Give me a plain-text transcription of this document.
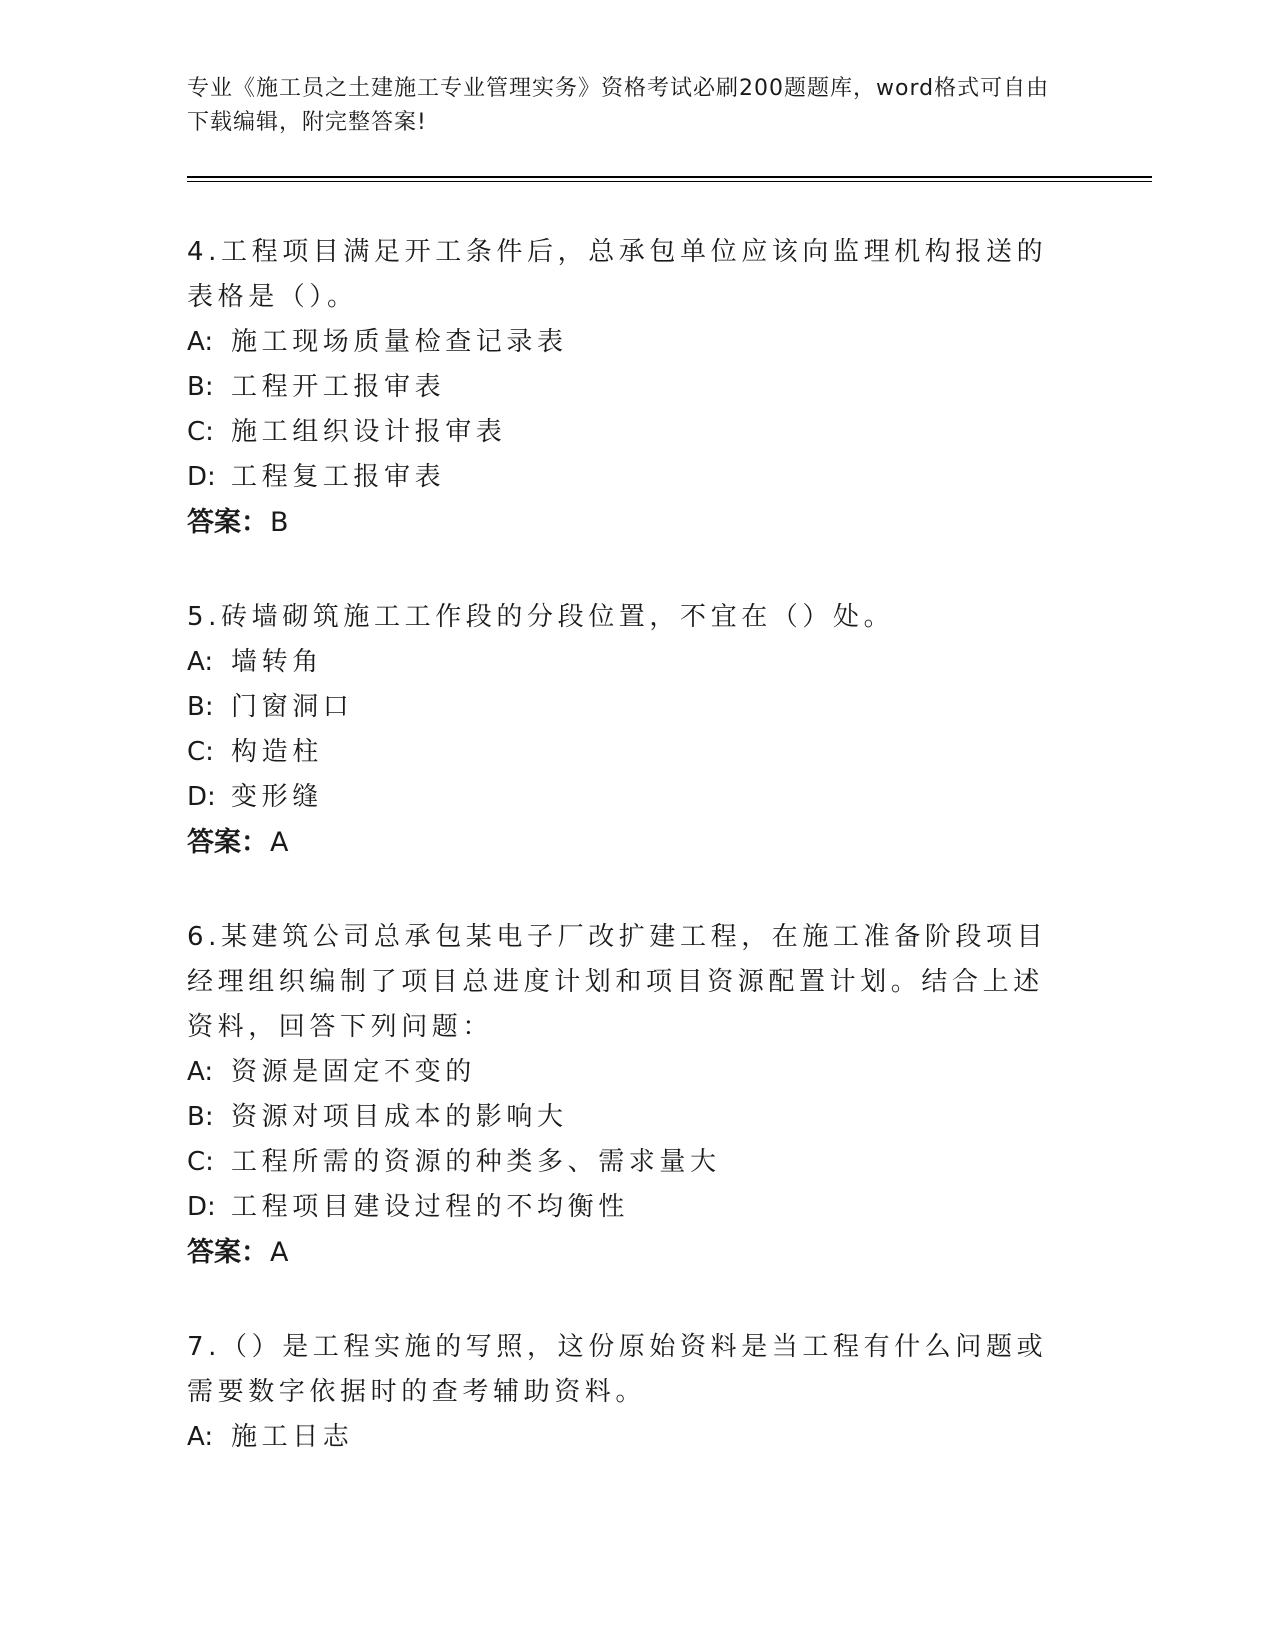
专业《施工员之土建施工专业管理实务》资格考试必刷200题题库，word格式可自由下载编辑，附完整答案!
4.工程项目满足开工条件后，总承包单位应该向监理机构报送的表格是（）。
A: 施工现场质量检查记录表
B: 工程开工报审表
C: 施工组织设计报审表
D: 工程复工报审表
答案：B
5.砖墙砌筑施工工作段的分段位置，不宜在（）处。
A: 墙转角
B: 门窗洞口
C: 构造柱
D: 变形缝
答案：A
6.某建筑公司总承包某电子厂改扩建工程，在施工准备阶段项目经理组织编制了项目总进度计划和项目资源配置计划。结合上述资料，回答下列问题：
A: 资源是固定不变的
B: 资源对项目成本的影响大
C: 工程所需的资源的种类多、需求量大
D: 工程项目建设过程的不均衡性
答案：A
7.（）是工程实施的写照，这份原始资料是当工程有什么问题或需要数字依据时的查考辅助资料。
A: 施工日志
